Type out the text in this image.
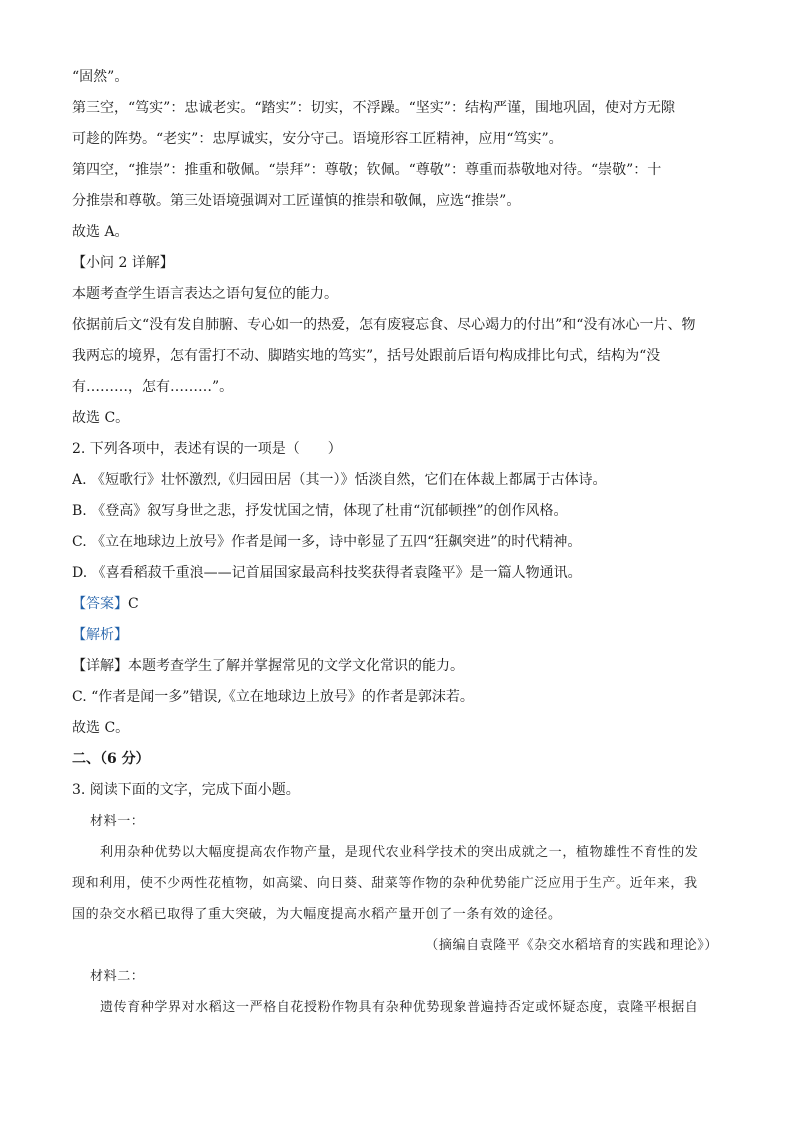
“固然”。
第三空，“笃实”：忠诚老实。“踏实”：切实，不浮躁。“坚实”：结构严谨，围地巩固，使对方无隙
可趁的阵势。“老实”：忠厚诚实，安分守己。语境形容工匠精神，应用“笃实”。
第四空，“推崇”：推重和敬佩。“崇拜”：尊敬；钦佩。“尊敬”：尊重而恭敬地对待。“崇敬”：十
分推崇和尊敬。第三处语境强调对工匠谨慎的推崇和敬佩，应选“推崇”。
故选 A。
【小问 2 详解】
本题考查学生语言表达之语句复位的能力。
依据前后文“没有发自肺腑、专心如一的热爱，怎有废寝忘食、尽心竭力的付出”和“没有冰心一片、物
我两忘的境界，怎有雷打不动、脚踏实地的笃实”，括号处跟前后语句构成排比句式，结构为“没
有………，怎有………”。
故选 C。
2. 下列各项中，表述有误的一项是（　　）
A. 《短歌行》壮怀激烈,《归园田居（其一）》恬淡自然，它们在体裁上都属于古体诗。
B. 《登高》叙写身世之悲，抒发忧国之情，体现了杜甫“沉郁顿挫”的创作风格。
C. 《立在地球边上放号》作者是闻一多，诗中彰显了五四“狂飙突进”的时代精神。
D. 《喜看稻菽千重浪——记首届国家最高科技奖获得者袁隆平》是一篇人物通讯。
【答案】C
【解析】
【详解】本题考查学生了解并掌握常见的文学文化常识的能力。
C. “作者是闻一多”错误,《立在地球边上放号》的作者是郭沫若。
故选 C。
二、（6 分）
3. 阅读下面的文字，完成下面小题。
材料一：
利用杂种优势以大幅度提高农作物产量，是现代农业科学技术的突出成就之一，植物雄性不育性的发
现和利用，使不少两性花植物，如高粱、向日葵、甜菜等作物的杂种优势能广泛应用于生产。近年来，我
国的杂交水稻已取得了重大突破，为大幅度提高水稻产量开创了一条有效的途径。
（摘编自袁隆平《杂交水稻培育的实践和理论》）
材料二：
遗传育种学界对水稻这一严格自花授粉作物具有杂种优势现象普遍持否定或怀疑态度，袁隆平根据自
